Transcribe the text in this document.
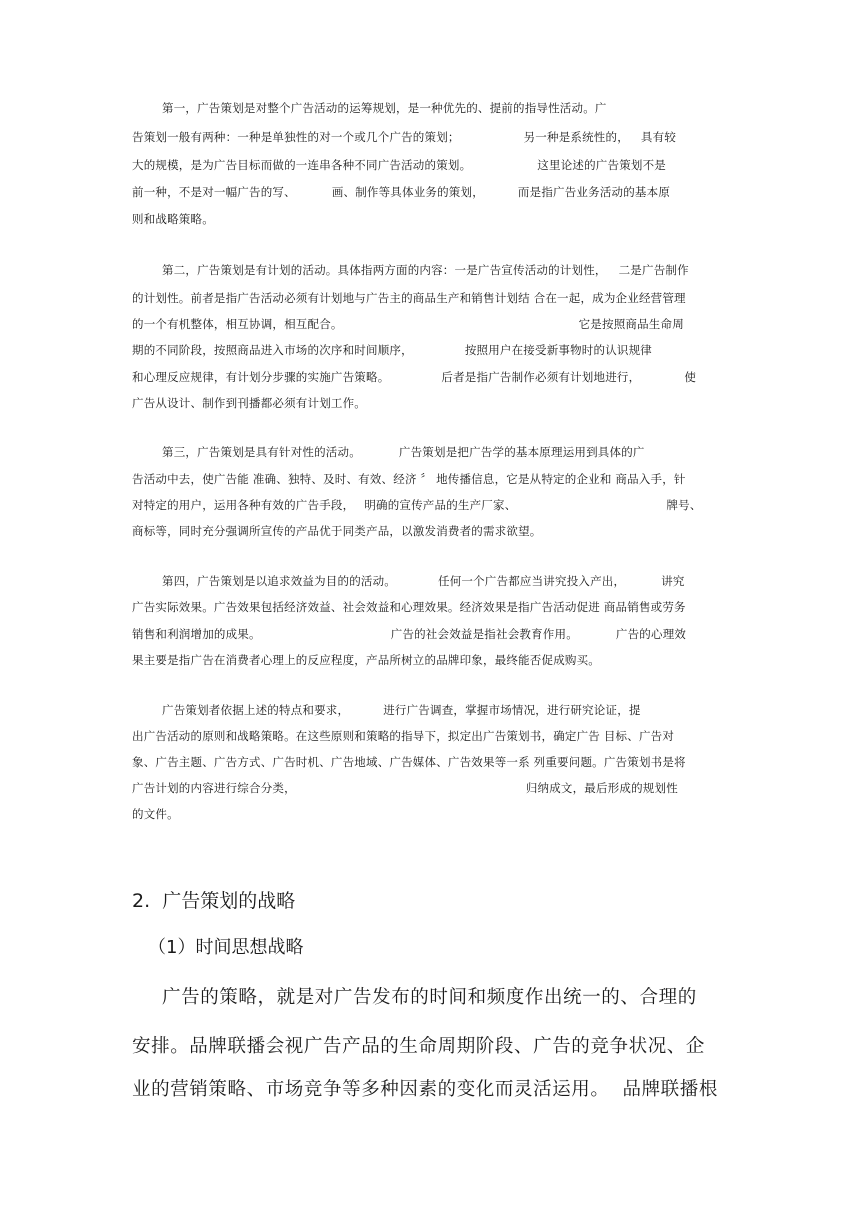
第一，广告策划是对整个广告活动的运筹规划，是一种优先的、提前的指导性活动。广
告策划一般有两种：一种是单独性的对一个或几个广告的策划；	另一种是系统性的， 具有较
大的规模，是为广告目标而做的一连串各种不同广告活动的策划。	这里论述的广告策划不是
前一种，不是对一幅广告的写、	画、制作等具体业务的策划，	而是指广告业务活动的基本原
则和战略策略。
第二，广告策划是有计划的活动。具体指两方面的内容：一是广告宣传活动的计划性， 二是广告制作
的计划性。前者是指广告活动必须有计划地与广告主的商品生产和销售计划结 合在一起，成为企业经营管理
的一个有机整体，相互协调，相互配合。	它是按照商品生命周
期的不同阶段，按照商品进入市场的次序和时间顺序，	按照用户在接受新事物时的认识规律
和心理反应规律，有计划分步骤的实施广告策略。	后者是指广告制作必须有计划地进行，	使
广告从设计、制作到刊播都必须有计划工作。
第三，广告策划是具有针对性的活动。	广告策划是把广告学的基本原理运用到具体的广
告活动中去，使广告能 准确、独特、及时、有效、经济 〞 地传播信息，它是从特定的企业和 商品入手，针
对特定的用户，运用各种有效的广告手段， 明确的宣传产品的生产厂家、	牌号、
商标等，同时充分强调所宣传的产品优于同类产品，以激发消费者的需求欲望。
第四，广告策划是以追求效益为目的的活动。	任何一个广告都应当讲究投入产出，	讲究
广告实际效果。广告效果包括经济效益、社会效益和心理效果。经济效果是指广告活动促进 商品销售或劳务
销售和利润增加的成果。	广告的社会效益是指社会教育作用。	广告的心理效
果主要是指广告在消费者心理上的反应程度，产品所树立的品牌印象，最终能否促成购买。
广告策划者依据上述的特点和要求，	进行广告调查，掌握市场情况，进行研究论证，提
出广告活动的原则和战略策略。在这些原则和策略的指导下，拟定出广告策划书，确定广告 目标、广告对
象、广告主题、广告方式、广告时机、广告地域、广告媒体、广告效果等一系 列重要问题。广告策划书是将
广告计划的内容进行综合分类，	归纳成文，最后形成的规划性
的文件。
2.  广告策划的战略
（1）时间思想战略
广告的策略，就是对广告发布的时间和频度作出统一的、合理的
安排。品牌联播会视广告产品的生命周期阶段、广告的竞争状况、企
业的营销策略、市场竞争等多种因素的变化而灵活运用。  品牌联播根
